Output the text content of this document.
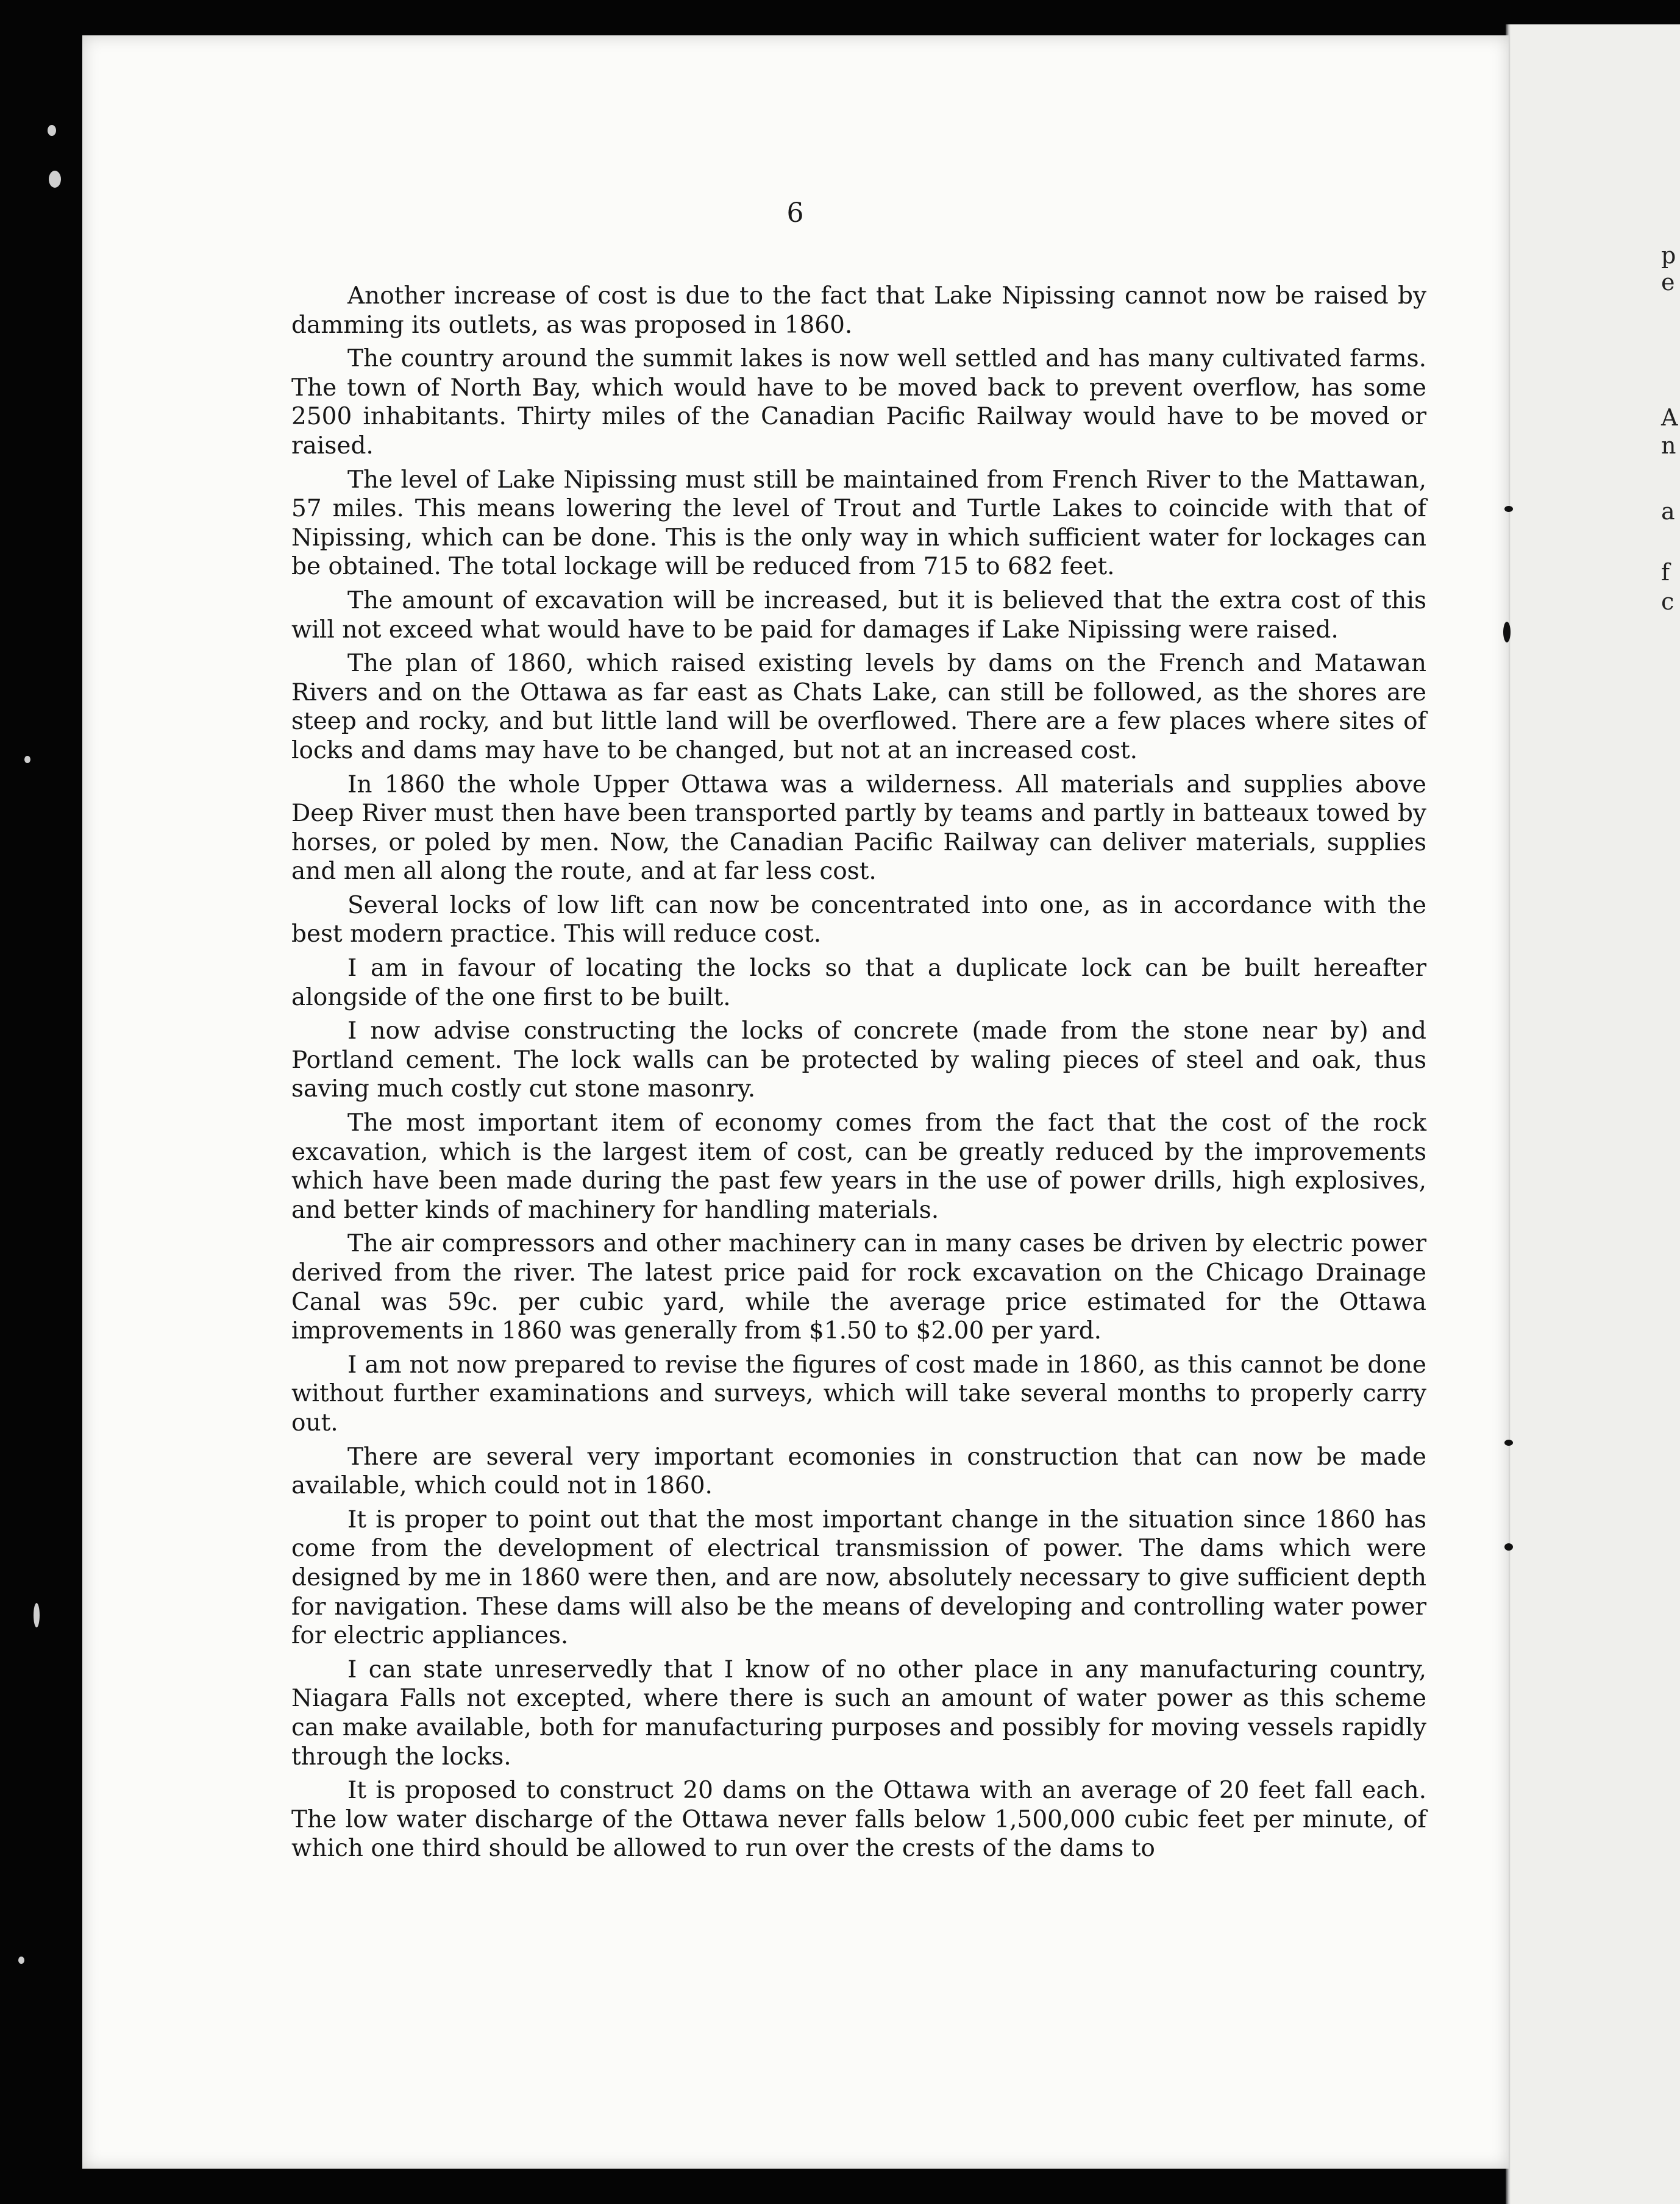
p
e
A
n
a
f
c
6

Another increase of cost is due to the fact that Lake Nipissing cannot now be raised by damming its outlets, as was proposed in 1860.

The country around the summit lakes is now well settled and has many cultivated farms. The town of North Bay, which would have to be moved back to prevent overflow, has some 2500 inhabitants. Thirty miles of the Canadian Pacific Railway would have to be moved or raised.

The level of Lake Nipissing must still be maintained from French River to the Mattawan, 57 miles. This means lowering the level of Trout and Turtle Lakes to coincide with that of Nipissing, which can be done. This is the only way in which sufficient water for lockages can be obtained. The total lockage will be reduced from 715 to 682 feet.

The amount of excavation will be increased, but it is believed that the extra cost of this will not exceed what would have to be paid for damages if Lake Nipissing were raised.

The plan of 1860, which raised existing levels by dams on the French and Matawan Rivers and on the Ottawa as far east as Chats Lake, can still be followed, as the shores are steep and rocky, and but little land will be overflowed. There are a few places where sites of locks and dams may have to be changed, but not at an increased cost.

In 1860 the whole Upper Ottawa was a wilderness. All materials and supplies above Deep River must then have been transported partly by teams and partly in batteaux towed by horses, or poled by men. Now, the Canadian Pacific Railway can deliver materials, supplies and men all along the route, and at far less cost.

Several locks of low lift can now be concentrated into one, as in accordance with the best modern practice. This will reduce cost.

I am in favour of locating the locks so that a duplicate lock can be built hereafter alongside of the one first to be built.

I now advise constructing the locks of concrete (made from the stone near by) and Portland cement. The lock walls can be protected by waling pieces of steel and oak, thus saving much costly cut stone masonry.

The most important item of economy comes from the fact that the cost of the rock excavation, which is the largest item of cost, can be greatly reduced by the improvements which have been made during the past few years in the use of power drills, high explosives, and better kinds of machinery for handling materials.

The air compressors and other machinery can in many cases be driven by electric power derived from the river. The latest price paid for rock excavation on the Chicago Drainage Canal was 59c. per cubic yard, while the average price estimated for the Ottawa improvements in 1860 was generally from $1.50 to $2.00 per yard.

I am not now prepared to revise the figures of cost made in 1860, as this cannot be done without further examinations and surveys, which will take several months to properly carry out.

There are several very important ecomonies in construction that can now be made available, which could not in 1860.

It is proper to point out that the most important change in the situation since 1860 has come from the development of electrical transmission of power. The dams which were designed by me in 1860 were then, and are now, absolutely necessary to give sufficient depth for navigation. These dams will also be the means of developing and controlling water power for electric appliances.

I can state unreservedly that I know of no other place in any manufacturing country, Niagara Falls not excepted, where there is such an amount of water power as this scheme can make available, both for manufacturing purposes and possibly for moving vessels rapidly through the locks.

It is proposed to construct 20 dams on the Ottawa with an average of 20 feet fall each. The low water discharge of the Ottawa never falls below 1,500,000 cubic feet per minute, of which one third should be allowed to run over the crests of the dams to
